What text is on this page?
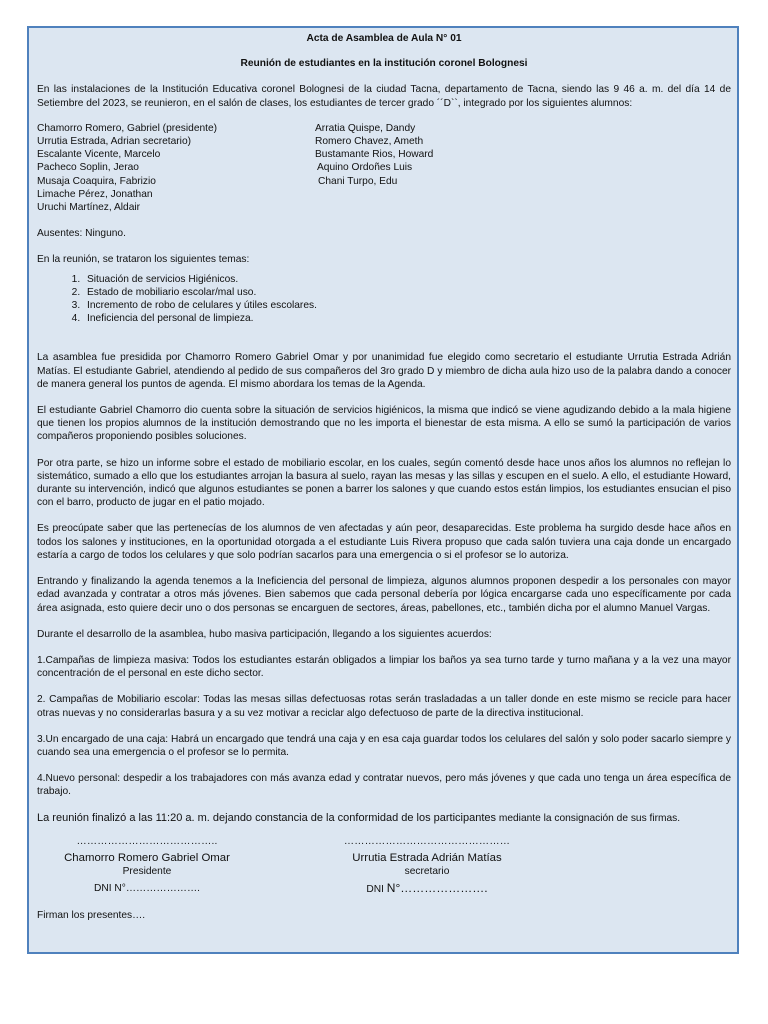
Acta de Asamblea de Aula N° 01

Reunión de estudiantes en la institución coronel Bolognesi

En las instalaciones de la Institución Educativa coronel Bolognesi de la ciudad Tacna, departamento de Tacna, siendo las 9 46 a. m. del día 14 de Setiembre del 2023, se reunieron, en el salón de clases, los estudiantes de tercer grado ´´D``, integrado por los siguientes alumnos:

Chamorro Romero, Gabriel (presidente)

Urrutia Estrada, Adrian secretario)

Escalante Vicente, Marcelo

Pacheco Soplin, Jerao

Musaja Coaquira, Fabrizio

Limache Pérez, Jonathan

Uruchi Martínez, Aldair

Arratia Quispe, Dandy

Romero Chavez, Ameth

Bustamante Rios, Howard

Aquino Ordoñes Luis

Chani Turpo, Edu

Ausentes: Ninguno.

En la reunión, se trataron los siguientes temas:

1. Situación de servicios Higiénicos.
2. Estado de mobiliario escolar/mal uso.
3. Incremento de robo de celulares y útiles escolares.
4. Ineficiencia del personal de limpieza.

La asamblea fue presidida por Chamorro Romero Gabriel Omar y por unanimidad fue elegido como secretario el estudiante Urrutia Estrada Adrián Matías. El estudiante Gabriel, atendiendo al pedido de sus compañeros del 3ro grado D y miembro de dicha aula hizo uso de la palabra dando a conocer de manera general los puntos de agenda. El mismo abordara los temas de la Agenda.

El estudiante Gabriel Chamorro dio cuenta sobre la situación de servicios higiénicos, la misma que indicó se viene agudizando debido a la mala higiene que tienen los propios alumnos de la institución demostrando que no les importa el bienestar de esta misma. A ello se sumó la participación de varios compañeros proponiendo posibles soluciones.

Por otra parte, se hizo un informe sobre el estado de mobiliario escolar, en los cuales, según comentó desde hace unos años los alumnos no reflejan lo sistemático, sumado a ello que los estudiantes arrojan la basura al suelo, rayan las mesas y las sillas y escupen en el suelo. A ello, el estudiante Howard, durante su intervención, indicó que algunos estudiantes se ponen a barrer los salones y que cuando estos están limpios, los estudiantes ensucian el piso con el barro, producto de jugar en el patio mojado.

Es preocúpate saber que las pertenecías de los alumnos de ven afectadas y aún peor, desaparecidas. Este problema ha surgido desde hace años en todos los salones y instituciones, en la oportunidad otorgada a el estudiante Luis Rivera propuso que cada salón tuviera una caja donde un encargado estaría a cargo de todos los celulares y que solo podrían sacarlos para una emergencia o si el profesor se lo autoriza.

Entrando y finalizando la agenda tenemos a la Ineficiencia del personal de limpieza, algunos alumnos proponen despedir a los personales con mayor edad avanzada y contratar a otros más jóvenes. Bien sabemos que cada personal debería por lógica encargarse cada uno específicamente por cada área asignada, esto quiere decir uno o dos personas se encarguen de sectores, áreas, pabellones, etc., también dicha por el alumno Manuel Vargas.

Durante el desarrollo de la asamblea, hubo masiva participación, llegando a los siguientes acuerdos:

1.Campañas de limpieza masiva: Todos los estudiantes estarán obligados a limpiar los baños ya sea turno tarde y turno mañana y a la vez una mayor concentración de el personal en este dicho sector.

2. Campañas de Mobiliario escolar: Todas las mesas sillas defectuosas rotas serán trasladadas a un taller donde en este mismo se recicle para hacer otras nuevas y no considerarlas basura y a su vez motivar a reciclar algo defectuoso de parte de la directiva institucional.

3.Un encargado de una caja: Habrá un encargado que tendrá una caja y en esa caja guardar todos los celulares del salón y solo poder sacarlo siempre y cuando sea una emergencia o el profesor se lo permita.

4.Nuevo personal: despedir a los trabajadores con más avanza edad y contratar nuevos, pero más jóvenes y que cada uno tenga un área específica de trabajo.

La reunión finalizó a las 11:20 a. m. dejando constancia de la conformidad de los participantes mediante la consignación de sus firmas.

…………………………………..
Chamorro Romero Gabriel Omar
Presidente
DNI N°………………….
…………………………………………
Urrutia Estrada Adrián Matías
secretario
DNI N°………………….

Firman los presentes….
